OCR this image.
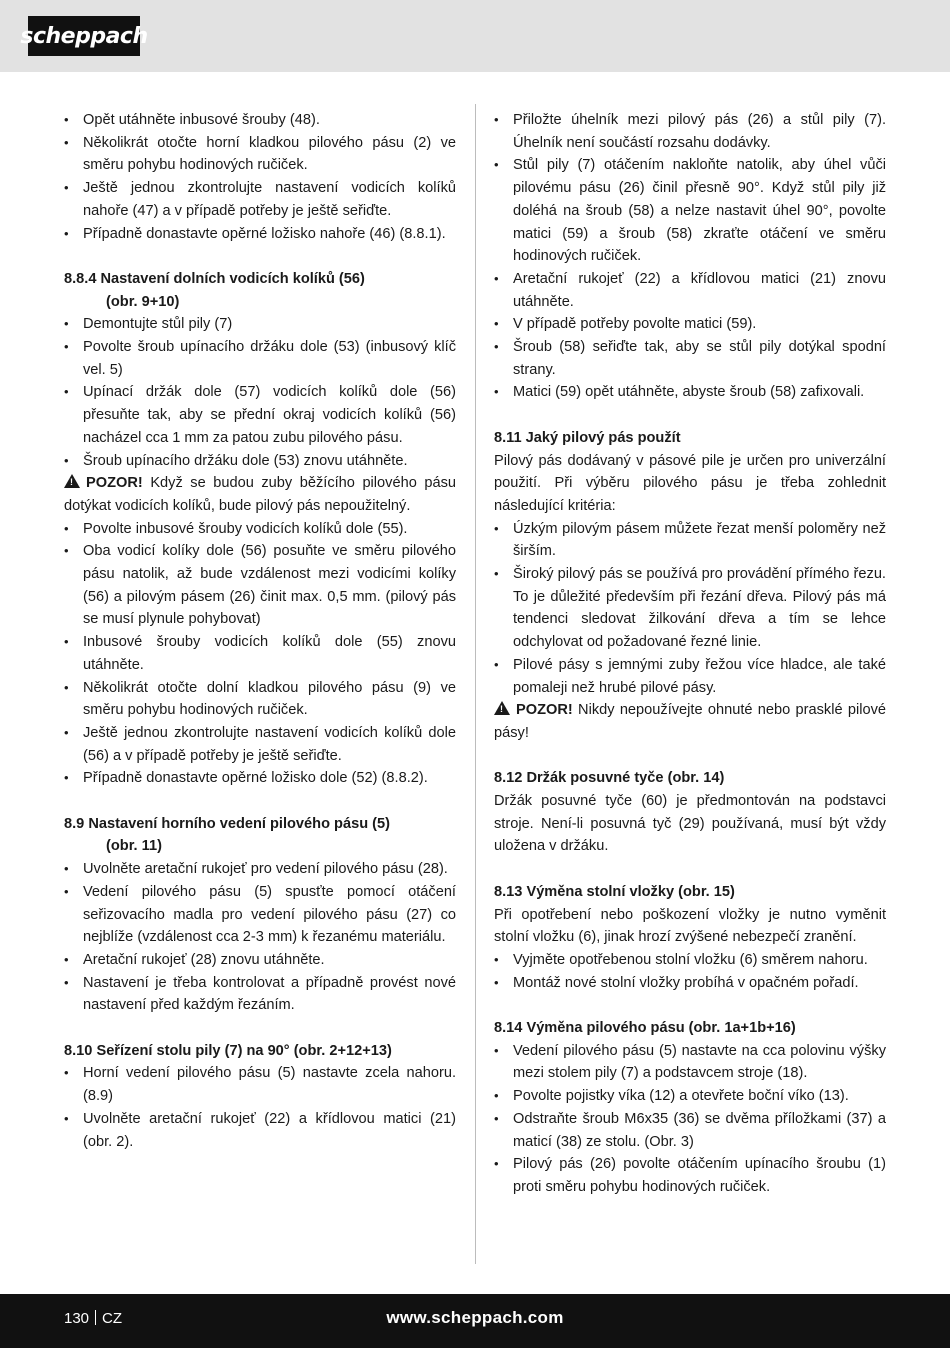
scheppach

• Opět utáhněte inbusové šrouby (48).

• Několikrát otočte horní kladkou pilového pásu (2) ve směru pohybu hodinových ručiček.

• Ještě jednou zkontrolujte nastavení vodicích kolíků nahoře (47) a v případě potřeby je ještě seřiďte.

• Případně donastavte opěrné ložisko nahoře (46) (8.8.1).

8.8.4 Nastavení dolních vodicích kolíků (56)
(obr. 9+10)

• Demontujte stůl pily (7)

• Povolte šroub upínacího držáku dole (53) (inbusový klíč vel. 5)

• Upínací držák dole (57) vodicích kolíků dole (56) přesuňte tak, aby se přední okraj vodicích kolíků (56) nacházel cca 1 mm za patou zubu pilového pásu.

• Šroub upínacího držáku dole (53) znovu utáhněte.

!POZOR! Když se budou zuby běžícího pilového pásu dotýkat vodicích kolíků, bude pilový pás nepoužitelný.

• Povolte inbusové šrouby vodicích kolíků dole (55).

• Oba vodicí kolíky dole (56) posuňte ve směru pilového pásu natolik, až bude vzdálenost mezi vodicími kolíky (56) a pilovým pásem (26) činit max. 0,5 mm. (pilový pás se musí plynule pohybovat)

• Inbusové šrouby vodicích kolíků dole (55) znovu utáhněte.

• Několikrát otočte dolní kladkou pilového pásu (9) ve směru pohybu hodinových ručiček.

• Ještě jednou zkontrolujte nastavení vodicích kolíků dole (56) a v případě potřeby je ještě seřiďte.

• Případně donastavte opěrné ložisko dole (52) (8.8.2).

8.9 Nastavení horního vedení pilového pásu (5)
(obr. 11)

• Uvolněte aretační rukojeť pro vedení pilového pásu (28).

• Vedení pilového pásu (5) spusťte pomocí otáčení seřizovacího madla pro vedení pilového pásu (27) co nejblíže (vzdálenost cca 2-3 mm) k řezanému materiálu.

• Aretační rukojeť (28) znovu utáhněte.

• Nastavení je třeba kontrolovat a případně provést nové nastavení před každým řezáním.

8.10 Seřízení stolu pily (7) na 90° (obr. 2+12+13)

• Horní vedení pilového pásu (5) nastavte zcela nahoru. (8.9)

• Uvolněte aretační rukojeť (22) a křídlovou matici (21) (obr. 2).

• Přiložte úhelník mezi pilový pás (26) a stůl pily (7). Úhelník není součástí rozsahu dodávky.

• Stůl pily (7) otáčením nakloňte natolik, aby úhel vůči pilovému pásu (26) činil přesně 90°. Když stůl pily již doléhá na šroub (58) a nelze nastavit úhel 90°, povolte matici (59) a šroub (58) zkraťte otáčení ve směru hodinových ručiček.

• Aretační rukojeť (22) a křídlovou matici (21) znovu utáhněte.

• V případě potřeby povolte matici (59).

• Šroub (58) seřiďte tak, aby se stůl pily dotýkal spodní strany.

• Matici (59) opět utáhněte, abyste šroub (58) zafixovali.

8.11 Jaký pilový pás použít

Pilový pás dodávaný v pásové pile je určen pro univerzální použití. Při výběru pilového pásu je třeba zohlednit následující kritéria:

• Úzkým pilovým pásem můžete řezat menší poloměry než širším.

• Široký pilový pás se používá pro provádění přímého řezu. To je důležité především při řezání dřeva. Pilový pás má tendenci sledovat žilkování dřeva a tím se lehce odchylovat od požadované řezné linie.

• Pilové pásy s jemnými zuby řežou více hladce, ale také pomaleji než hrubé pilové pásy.

!POZOR! Nikdy nepoužívejte ohnuté nebo prasklé pilové pásy!

8.12 Držák posuvné tyče (obr. 14)

Držák posuvné tyče (60) je předmontován na podstavci stroje. Není-li posuvná tyč (29) používaná, musí být vždy uložena v držáku.

8.13 Výměna stolní vložky (obr. 15)

Při opotřebení nebo poškození vložky je nutno vyměnit stolní vložku (6), jinak hrozí zvýšené nebezpečí zranění.

• Vyjměte opotřebenou stolní vložku (6) směrem nahoru.

• Montáž nové stolní vložky probíhá v opačném pořadí.

8.14 Výměna pilového pásu (obr. 1a+1b+16)

• Vedení pilového pásu (5) nastavte na cca polovinu výšky mezi stolem pily (7) a podstavcem stroje (18).

• Povolte pojistky víka (12) a otevřete boční víko (13).

• Odstraňte šroub M6x35 (36) se dvěma příložkami (37) a maticí (38) ze stolu. (Obr. 3)

• Pilový pás (26) povolte otáčením upínacího šroubu (1) proti směru pohybu hodinových ručiček.

130 CZ	www.scheppach.com
